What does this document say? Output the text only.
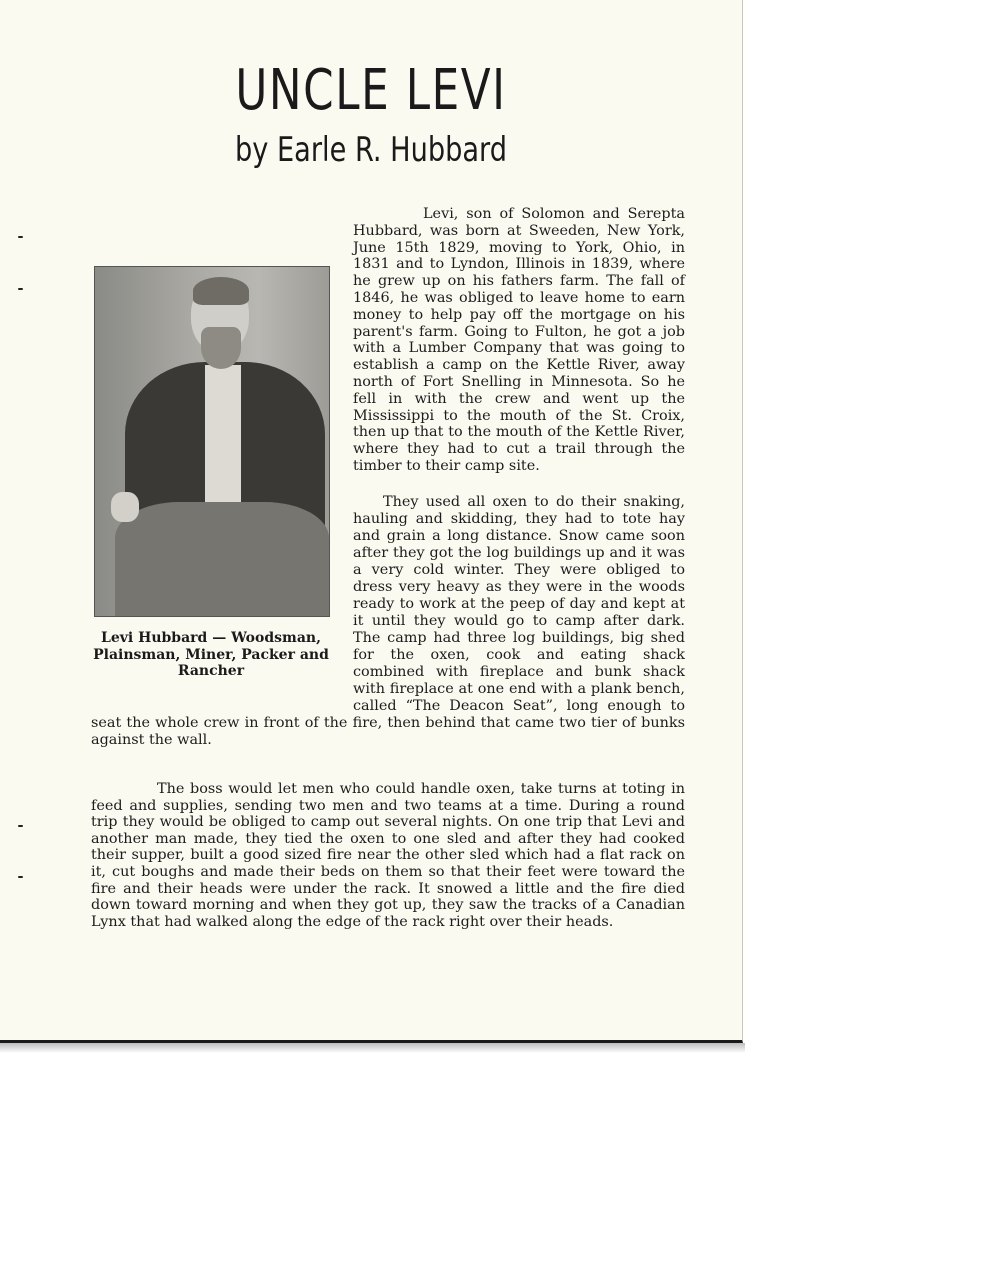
UNCLE LEVI
by Earle R. Hubbard

Levi, son of Solomon and Serepta Hubbard, was born at Sweeden, New York, June 15th 1829, moving to York, Ohio, in 1831 and to Lyndon, Illinois in 1839, where he grew up on his fathers farm. The fall of 1846, he was obliged to leave home to earn money to help pay off the mortgage on his parent's farm. Going to Fulton, he got a job with a Lumber Company that was going to establish a camp on the Kettle River, away north of Fort Snelling in Minnesota. So he fell in with the crew and went up the Mississippi to the mouth of the St. Croix, then up that to the mouth of the Kettle River, where they had to cut a trail through the timber to their camp site.

They used all oxen to do their snaking, hauling and skidding, they had to tote hay and grain a long distance. Snow came soon after they got the log buildings up and it was a very cold winter. They were obliged to dress very heavy as they were in the woods ready to work at the peep of day and kept at it until they would go to camp after dark. The camp had three log buildings, big shed for the oxen, cook and eating shack combined with fireplace and bunk shack with fireplace at one end with a plank bench, called “The Deacon Seat”, long enough to seat the whole crew in front of the fire, then behind that came two tier of bunks against the wall.

The boss would let men who could handle oxen, take turns at toting in feed and supplies, sending two men and two teams at a time. During a round trip they would be obliged to camp out several nights. On one trip that Levi and another man made, they tied the oxen to one sled and after they had cooked their supper, built a good sized fire near the other sled which had a flat rack on it, cut boughs and made their beds on them so that their feet were toward the fire and their heads were under the rack. It snowed a little and the fire died down toward morning and when they got up, they saw the tracks of a Canadian Lynx that had walked along the edge of the rack right over their heads.

Levi Hubbard — Woodsman, Plainsman, Miner, Packer and Rancher
